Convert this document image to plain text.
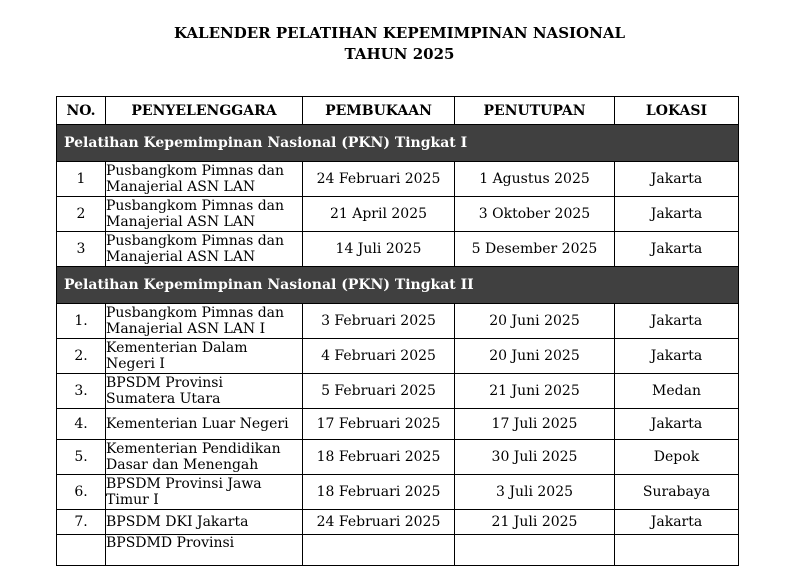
KALENDER PELATIHAN KEPEMIMPINAN NASIONAL
TAHUN 2025
NO.	PENYELENGGARA	PEMBUKAAN	PENUTUPAN	LOKASI
Pelatihan Kepemimpinan Nasional (PKN) Tingkat I				
1	Pusbangkom Pimnas dan
Manajerial ASN LAN	24 Februari 2025	1 Agustus 2025	Jakarta
2	Pusbangkom Pimnas dan
Manajerial ASN LAN	21 April 2025	3 Oktober 2025	Jakarta
3	Pusbangkom Pimnas dan
Manajerial ASN LAN	14 Juli 2025	5 Desember 2025	Jakarta
Pelatihan Kepemimpinan Nasional (PKN) Tingkat II				
1.	Pusbangkom Pimnas dan
Manajerial ASN LAN I	3 Februari 2025	20 Juni 2025	Jakarta
2.	Kementerian Dalam
Negeri I	4 Februari 2025	20 Juni 2025	Jakarta
3.	BPSDM Provinsi
Sumatera Utara	5 Februari 2025	21 Juni 2025	Medan
4.	Kementerian Luar Negeri	17 Februari 2025	17 Juli 2025	Jakarta
5.	Kementerian Pendidikan
Dasar dan Menengah	18 Februari 2025	30 Juli 2025	Depok
6.	BPSDM Provinsi Jawa
Timur I	18 Februari 2025	3 Juli 2025	Surabaya
7.	BPSDM DKI Jakarta	24 Februari 2025	21 Juli 2025	Jakarta
	BPSDMD Provinsi			
